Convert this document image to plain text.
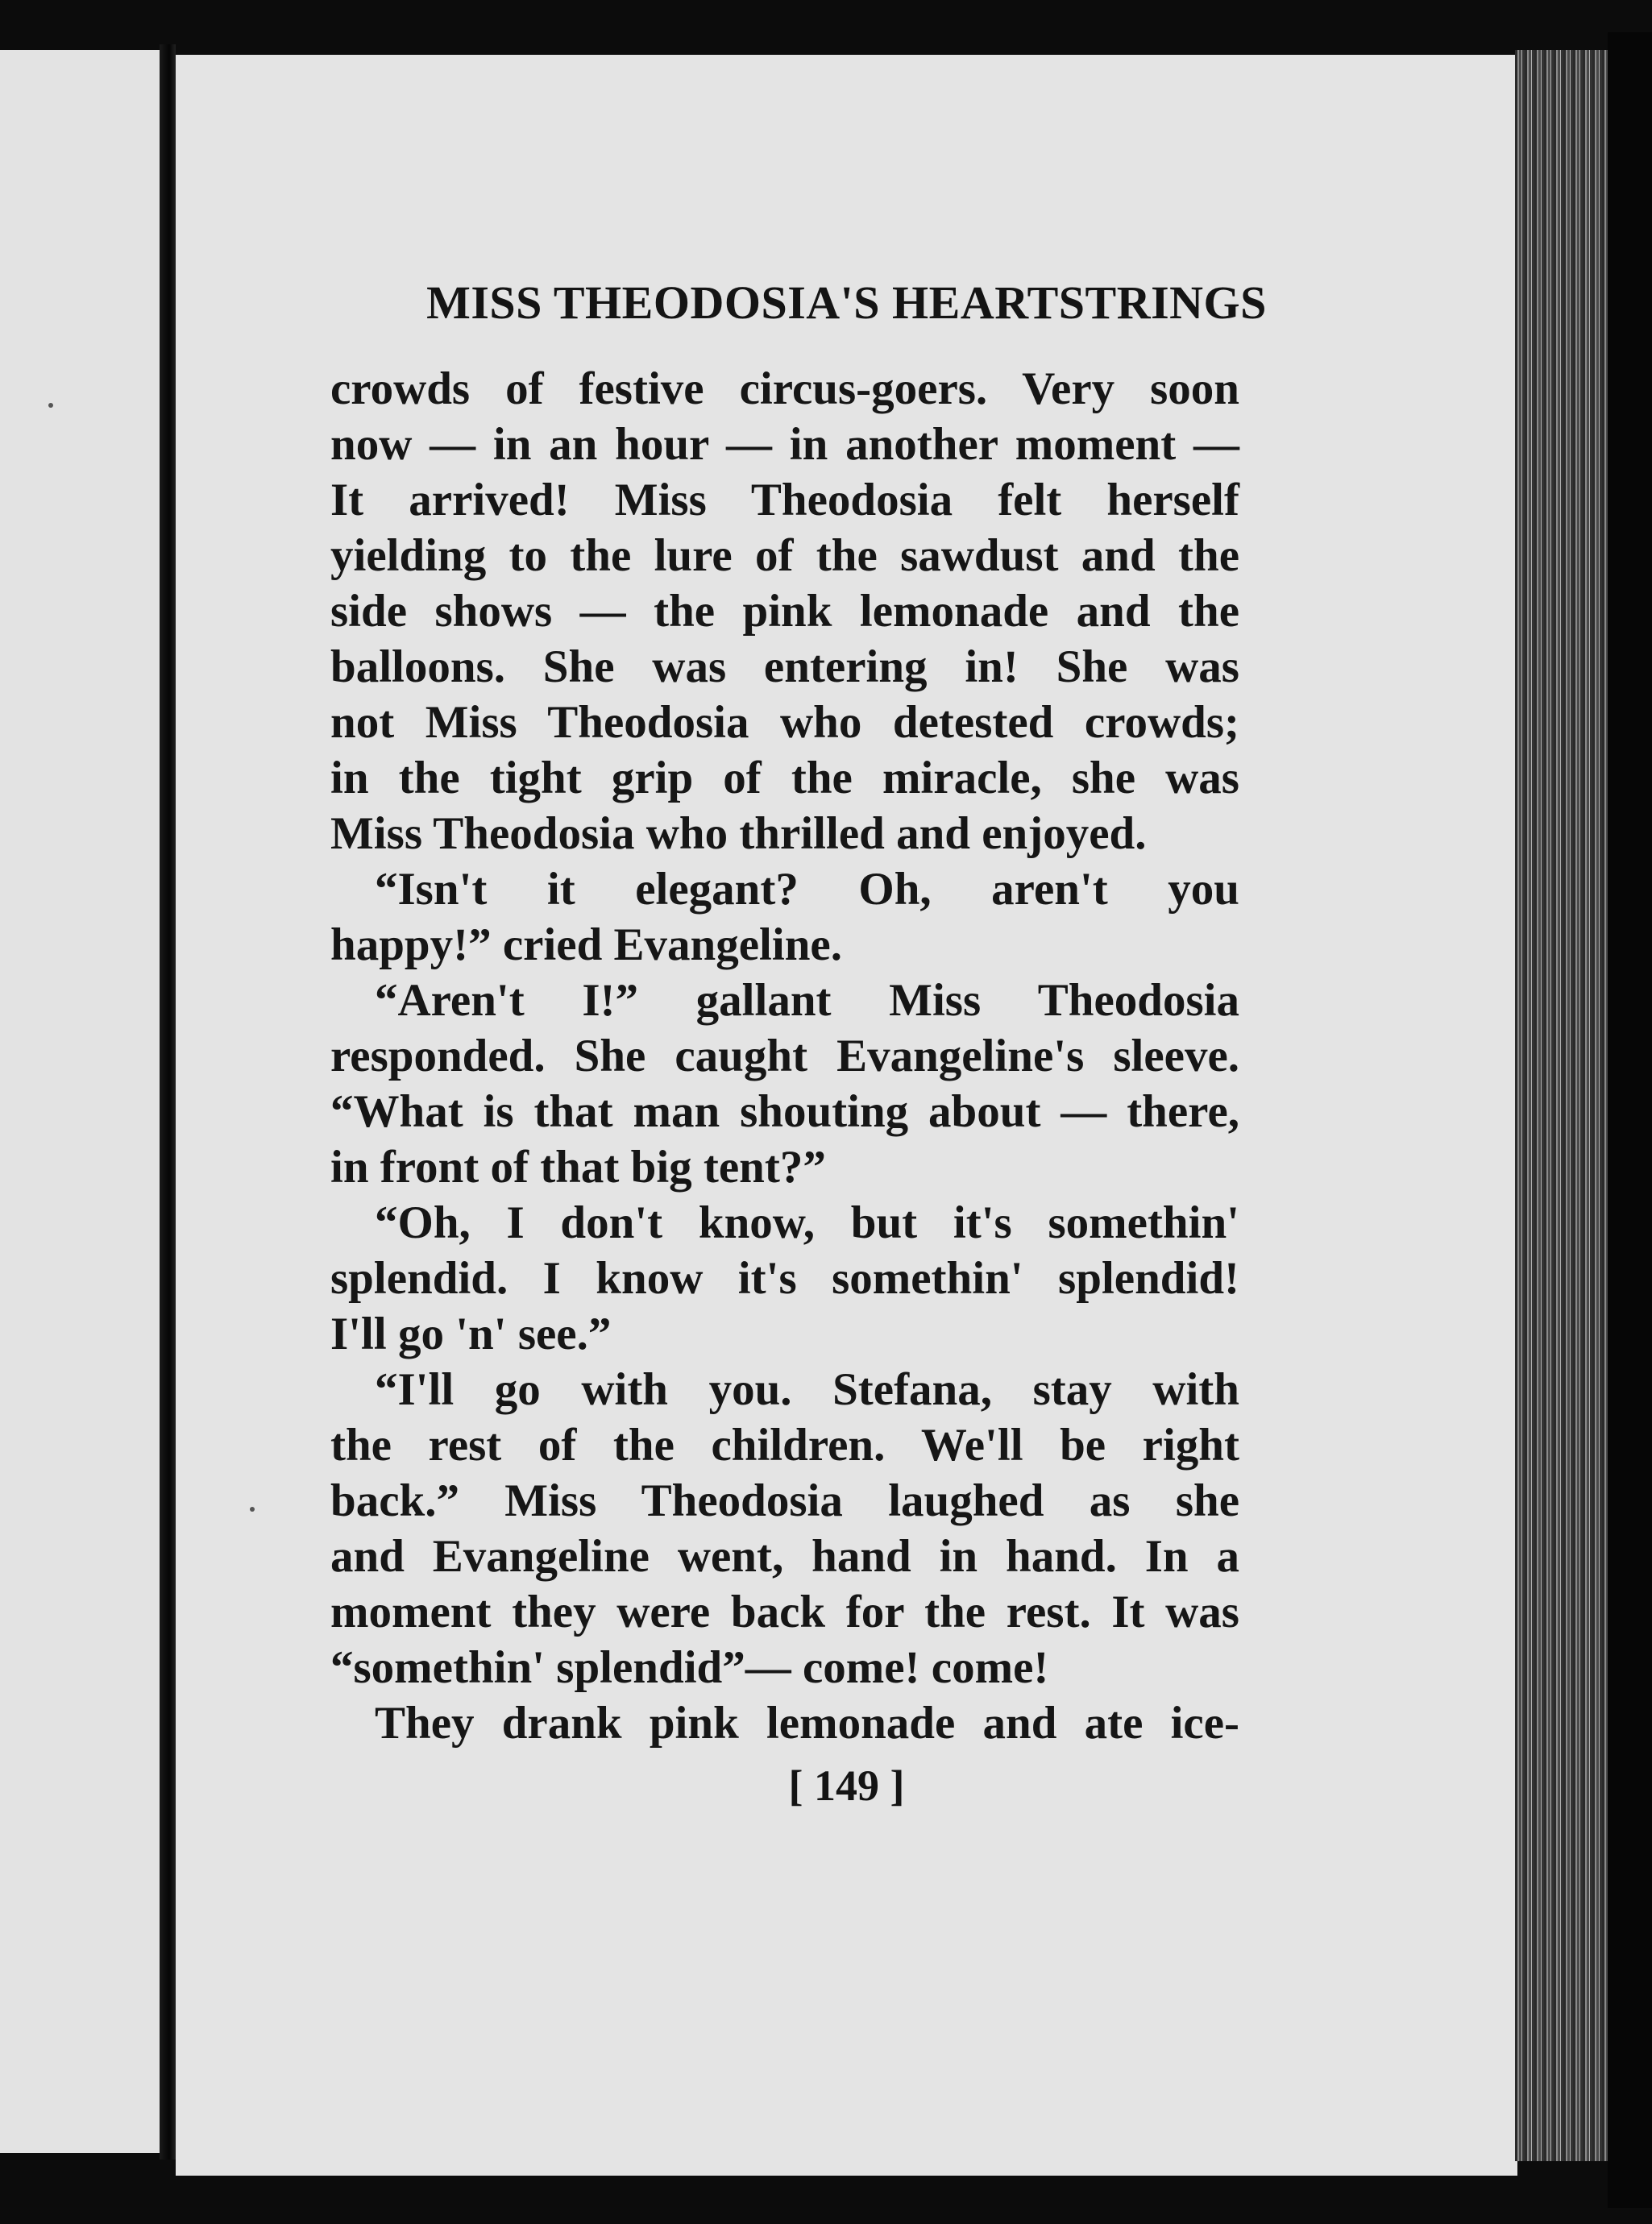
MISS THEODOSIA'S HEARTSTRINGS
crowds of festive circus-goers. Very soon
now — in an hour — in another moment —
It arrived! Miss Theodosia felt herself
yielding to the lure of the sawdust and the
side shows — the pink lemonade and the
balloons. She was entering in! She was
not Miss Theodosia who detested crowds;
in the tight grip of the miracle, she was
Miss Theodosia who thrilled and enjoyed.
“Isn't it elegant? Oh, aren't you
happy!” cried Evangeline.
“Aren't I!” gallant Miss Theodosia
responded. She caught Evangeline's sleeve.
“What is that man shouting about — there,
in front of that big tent?”
“Oh, I don't know, but it's somethin'
splendid. I know it's somethin' splendid!
I'll go 'n' see.”
“I'll go with you. Stefana, stay with
the rest of the children. We'll be right
back.” Miss Theodosia laughed as she
and Evangeline went, hand in hand. In a
moment they were back for the rest. It was
“somethin' splendid”— come! come!
They drank pink lemonade and ate ice-
[ 149 ]
